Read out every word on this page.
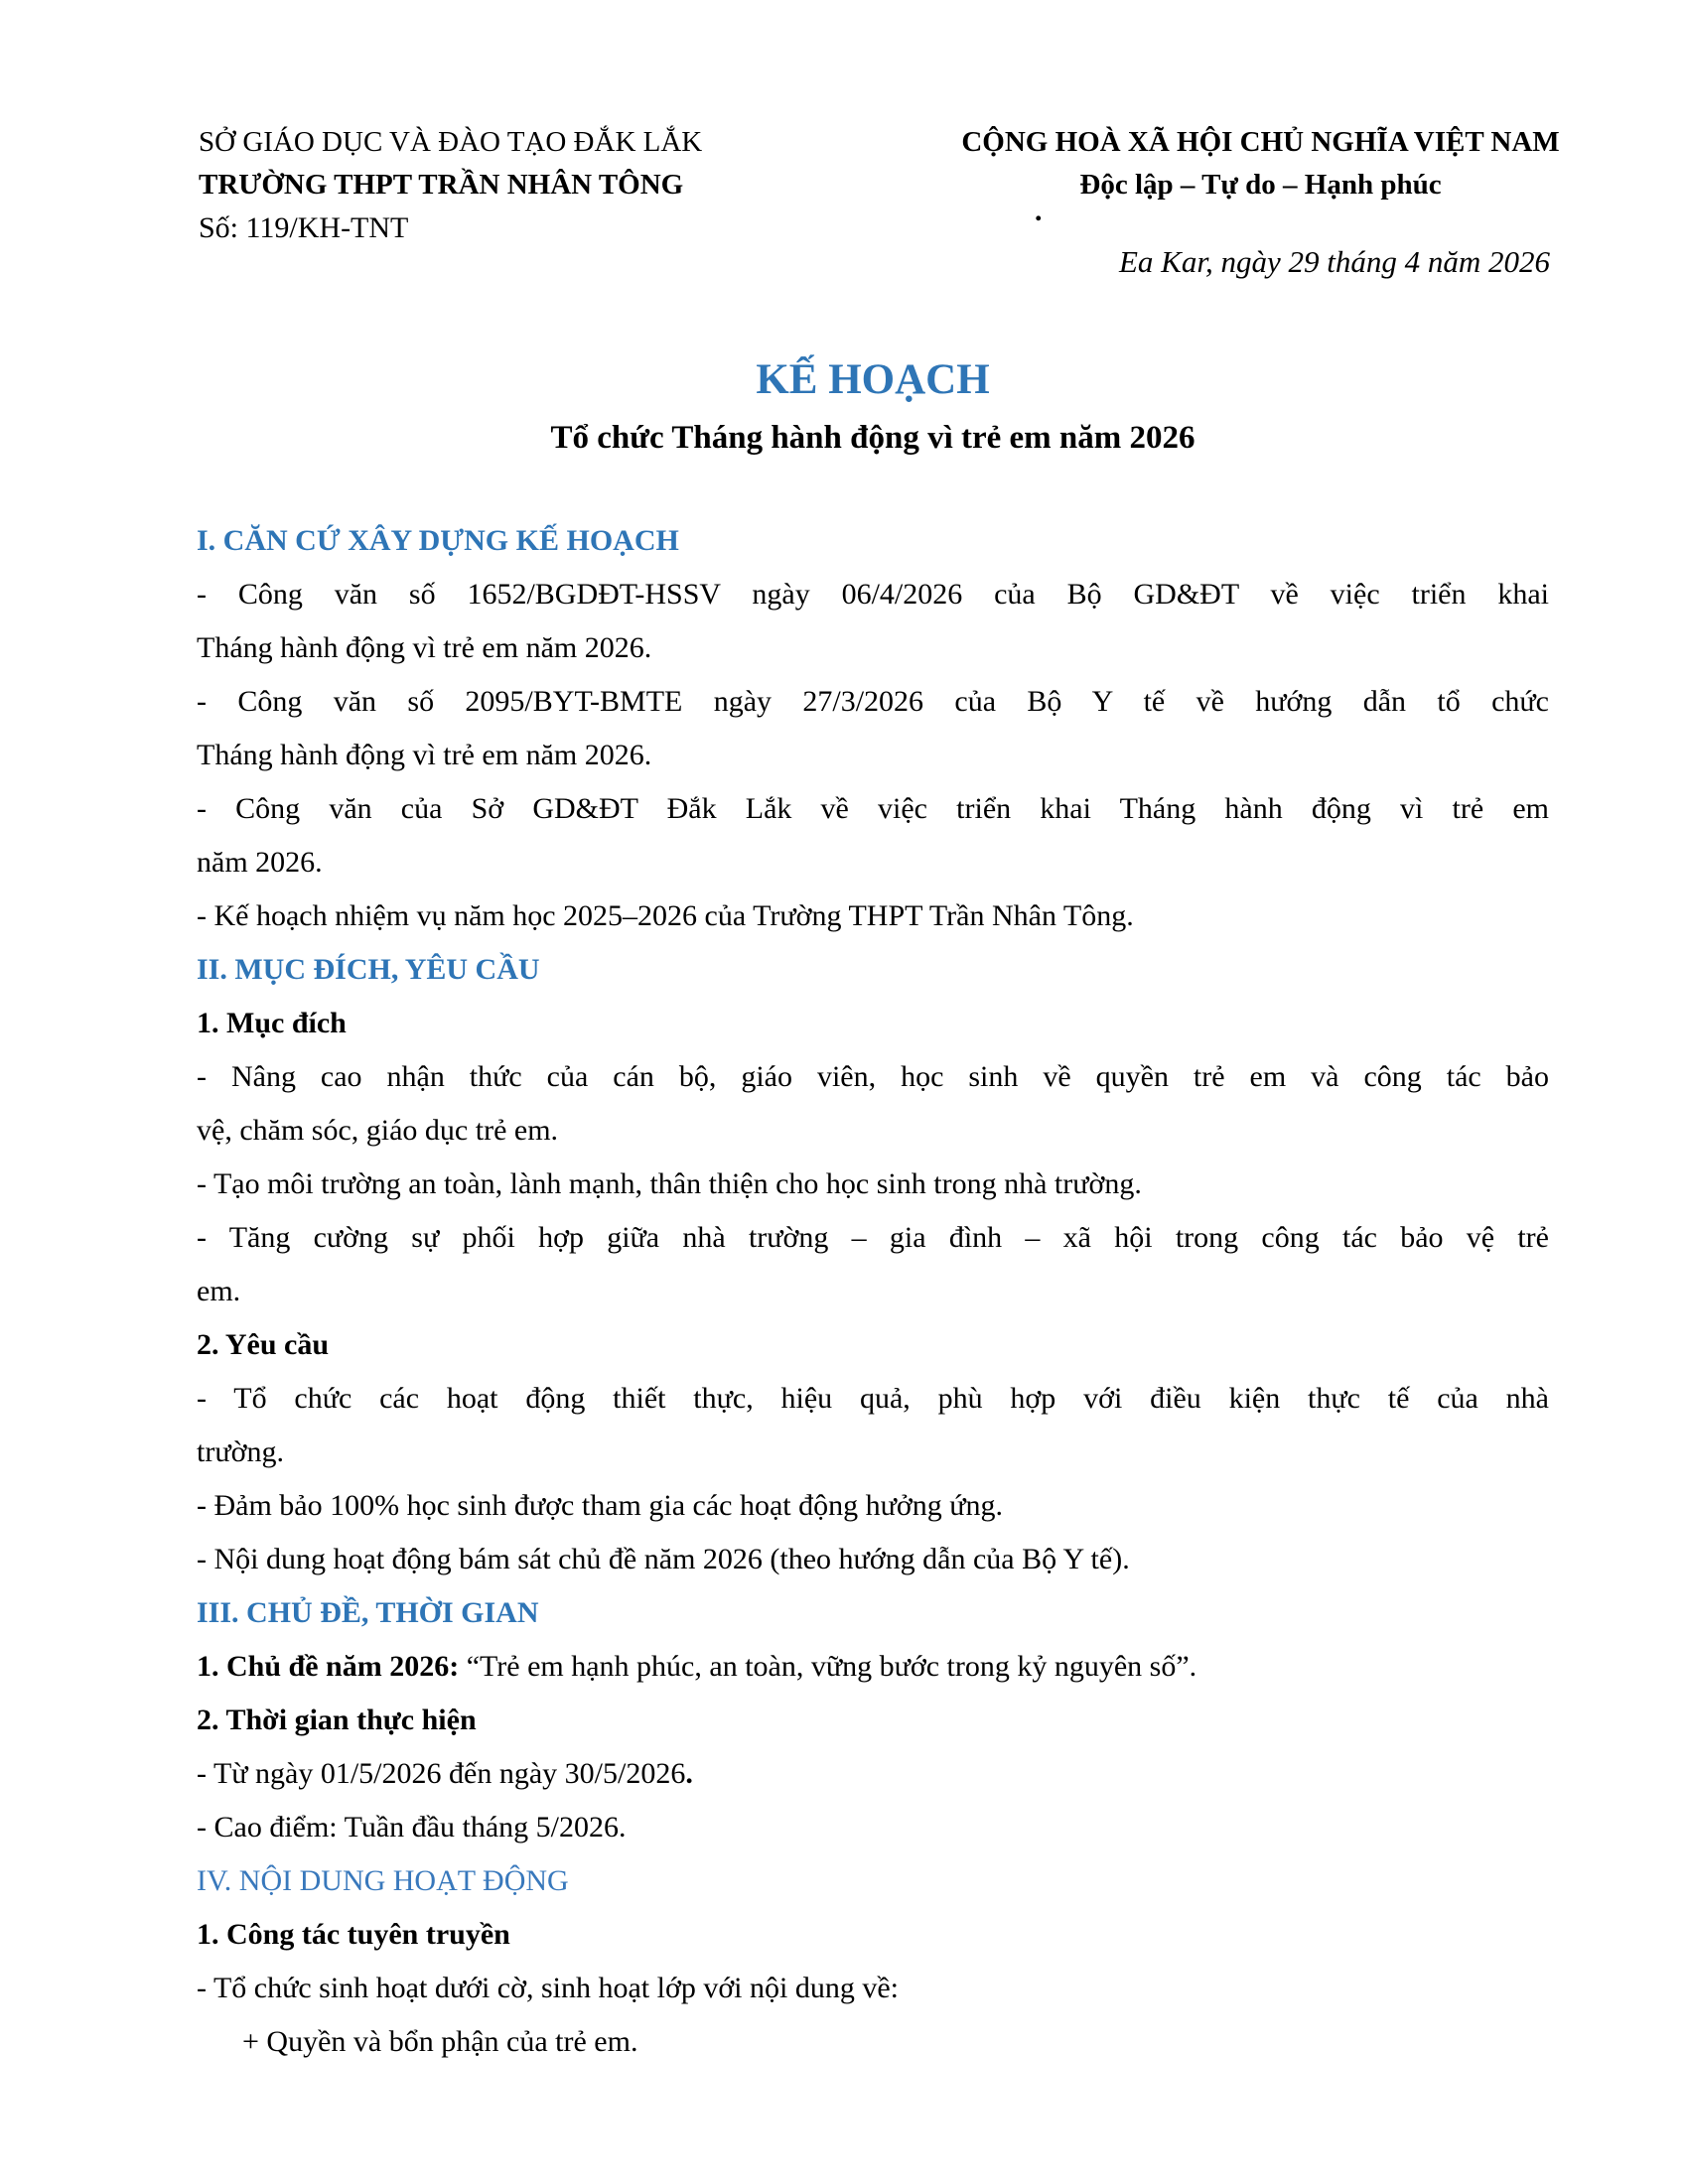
SỞ GIÁO DỤC VÀ ĐÀO TẠO ĐẮK LẮK
TRƯỜNG THPT TRẦN NHÂN TÔNG
Số: 119/KH-TNT
CỘNG HOÀ XÃ HỘI CHỦ NGHĨA VIỆT NAM
Độc lập – Tự do – Hạnh phúc
.
Ea Kar, ngày 29 tháng 4 năm 2026
KẾ HOẠCH
Tổ chức Tháng hành động vì trẻ em năm 2026
I. CĂN CỨ XÂY DỰNG KẾ HOẠCH
- Công văn số 1652/BGDĐT-HSSV ngày 06/4/2026 của Bộ GD&ĐT về việc triển khai
Tháng hành động vì trẻ em năm 2026.
- Công văn số 2095/BYT-BMTE ngày 27/3/2026 của Bộ Y tế về hướng dẫn tổ chức
Tháng hành động vì trẻ em năm 2026.
- Công văn của Sở GD&ĐT Đắk Lắk về việc triển khai Tháng hành động vì trẻ em
năm 2026.
- Kế hoạch nhiệm vụ năm học 2025–2026 của Trường THPT Trần Nhân Tông.
II. MỤC ĐÍCH, YÊU CẦU
1. Mục đích
- Nâng cao nhận thức của cán bộ, giáo viên, học sinh về quyền trẻ em và công tác bảo
vệ, chăm sóc, giáo dục trẻ em.
- Tạo môi trường an toàn, lành mạnh, thân thiện cho học sinh trong nhà trường.
- Tăng cường sự phối hợp giữa nhà trường – gia đình – xã hội trong công tác bảo vệ trẻ
em.
2. Yêu cầu
- Tổ chức các hoạt động thiết thực, hiệu quả, phù hợp với điều kiện thực tế của nhà
trường.
- Đảm bảo 100% học sinh được tham gia các hoạt động hưởng ứng.
- Nội dung hoạt động bám sát chủ đề năm 2026 (theo hướng dẫn của Bộ Y tế).
III. CHỦ ĐỀ, THỜI GIAN
1. Chủ đề năm 2026: “Trẻ em hạnh phúc, an toàn, vững bước trong kỷ nguyên số”.
2. Thời gian thực hiện
- Từ ngày 01/5/2026 đến ngày 30/5/2026.
- Cao điểm: Tuần đầu tháng 5/2026.
IV. NỘI DUNG HOẠT ĐỘNG
1. Công tác tuyên truyền
- Tổ chức sinh hoạt dưới cờ, sinh hoạt lớp với nội dung về:
+ Quyền và bổn phận của trẻ em.
